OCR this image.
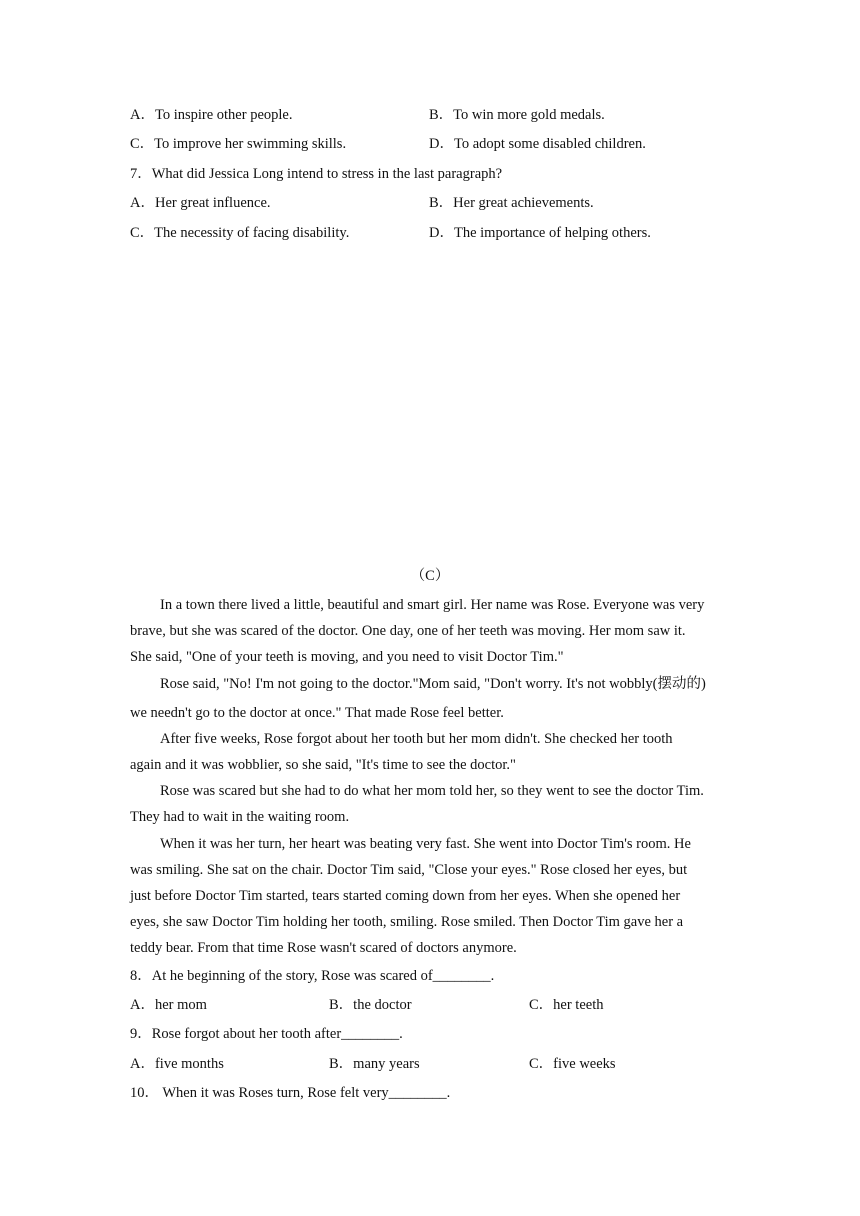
A．To inspire other people.	B．To win more gold medals.
C．To improve her swimming skills.	D．To adopt some disabled children.
7．What did Jessica Long intend to stress in the last paragraph?
A．Her great influence.	B．Her great achievements.
C．The necessity of facing disability.	D．The importance of helping others.
（C）
In a town there lived a little, beautiful and smart girl. Her name was Rose. Everyone was very
brave, but she was scared of the doctor. One day, one of her teeth was moving. Her mom saw it.
She said, "One of your teeth is moving, and you need to visit Doctor Tim."
Rose said, "No! I'm not going to the doctor."Mom said, "Don't worry. It's not wobbly(摆动的)
we needn't go to the doctor at once." That made Rose feel better.
After five weeks, Rose forgot about her tooth but her mom didn't. She checked her tooth
again and it was wobblier, so she said, "It's time to see the doctor."
Rose was scared but she had to do what her mom told her, so they went to see the doctor Tim.
They had to wait in the waiting room.
When it was her turn, her heart was beating very fast. She went into Doctor Tim's room. He
was smiling. She sat on the chair. Doctor Tim said, "Close your eyes." Rose closed her eyes, but
just before Doctor Tim started, tears started coming down from her eyes. When she opened her
eyes, she saw Doctor Tim holding her tooth, smiling. Rose smiled. Then Doctor Tim gave her a
teddy bear. From that time Rose wasn't scared of doctors anymore.
8．At he beginning of the story, Rose was scared of________.
A．her mom	B．the doctor	C．her teeth
9．Rose forgot about her tooth after________.
A．five months	B．many years	C．five weeks
10． When it was Roses turn, Rose felt very________.
